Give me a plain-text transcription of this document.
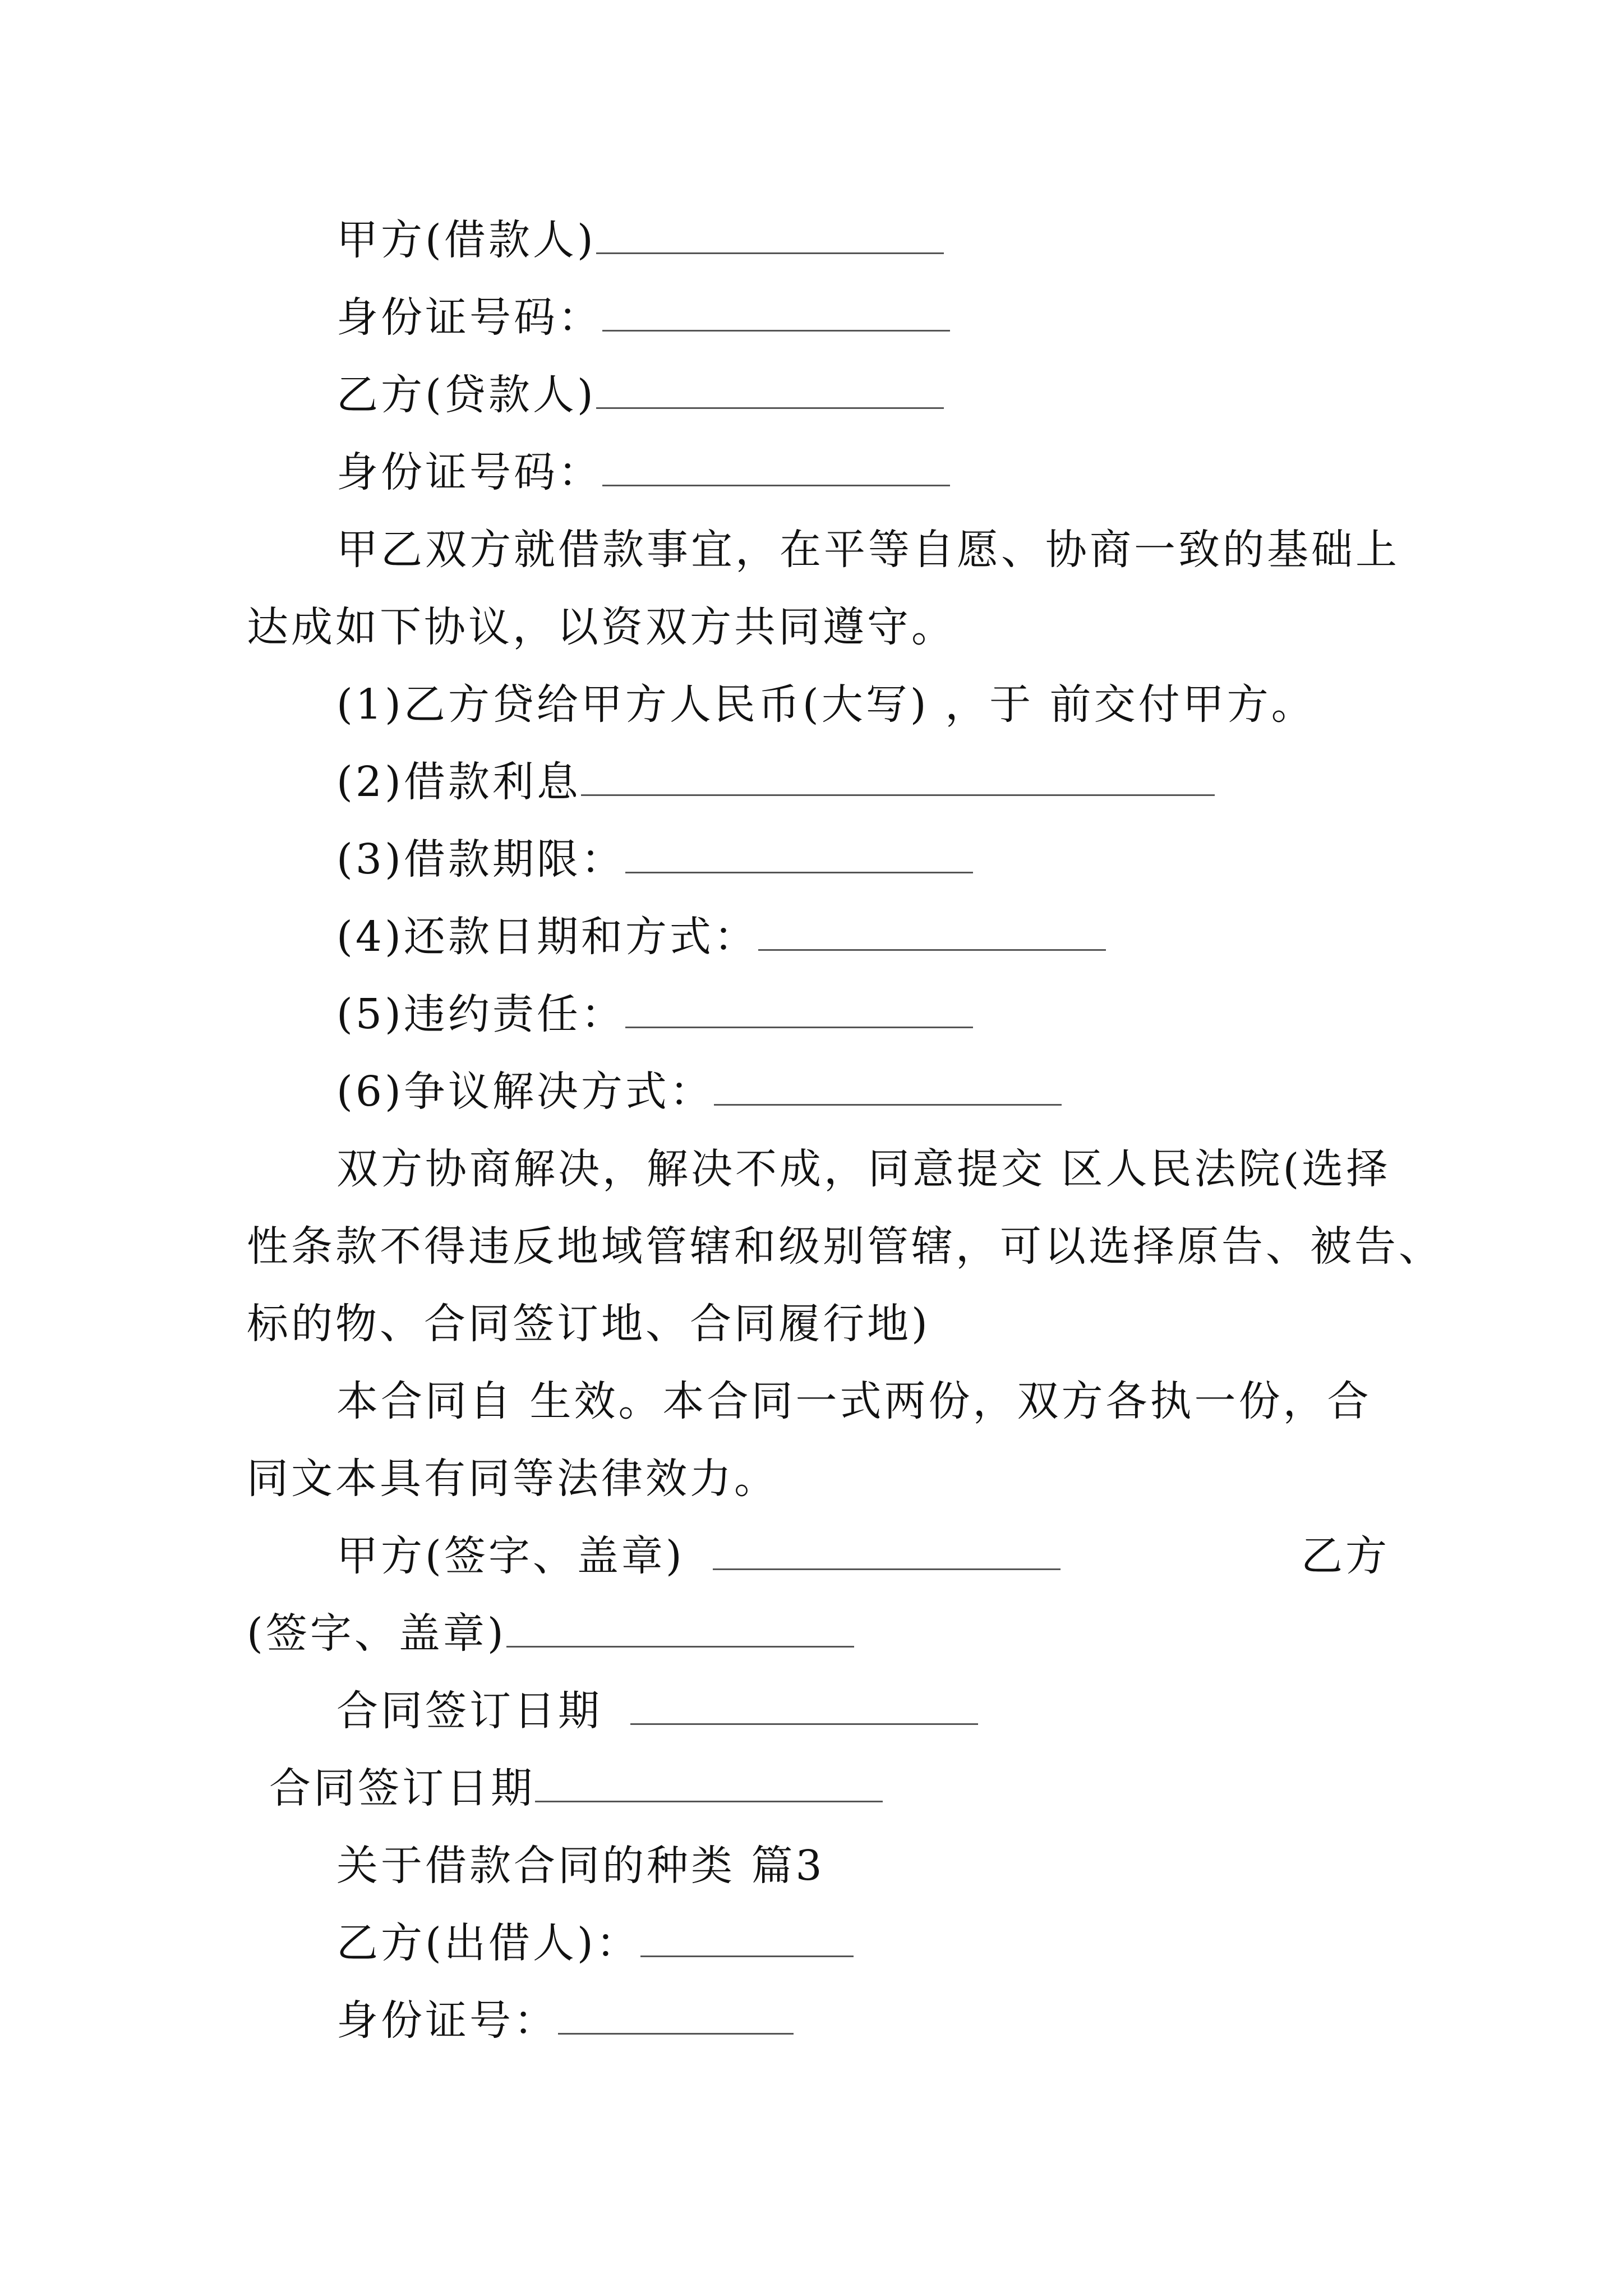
甲方(借款人)
身份证号码：
乙方(贷款人)
身份证号码：
甲乙双方就借款事宜，在平等自愿、协商一致的基础上
达成如下协议，以资双方共同遵守。
(1)乙方贷给甲方人民币(大写) ，于 前交付甲方。
(2)借款利息
(3)借款期限：
(4)还款日期和方式：
(5)违约责任：
(6)争议解决方式：
双方协商解决，解决不成，同意提交 区人民法院(选择
性条款不得违反地域管辖和级别管辖，可以选择原告、被告、
标的物、合同签订地、合同履行地)
本合同自 生效。本合同一式两份，双方各执一份，合
同文本具有同等法律效力。
甲方(签字、盖章)	乙方
(签字、盖章)
合同签订日期
合同签订日期
关于借款合同的种类 篇3
乙方(出借人)：
身份证号：
